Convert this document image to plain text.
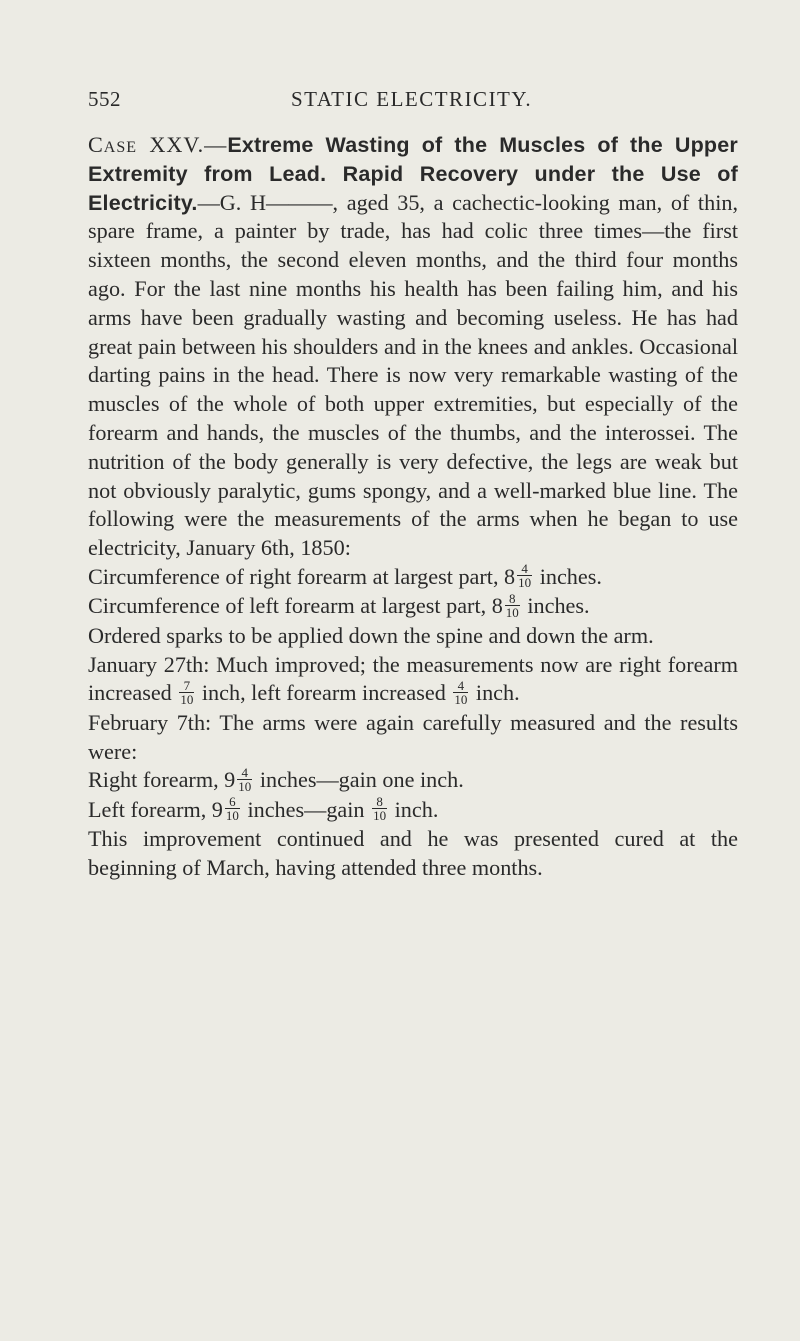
552	STATIC ELECTRICITY.

Case XXV.—Extreme Wasting of the Muscles of the Upper Extremity from Lead. Rapid Recovery under the Use of Electricity.—G. H———, aged 35, a cachectic-looking man, of thin, spare frame, a painter by trade, has had colic three times—the first sixteen months, the second eleven months, and the third four months ago. For the last nine months his health has been failing him, and his arms have been gradually wasting and becoming useless. He has had great pain between his shoulders and in the knees and ankles. Occasional darting pains in the head. There is now very remarkable wasting of the muscles of the whole of both upper extremities, but especially of the forearm and hands, the muscles of the thumbs, and the interossei. The nutrition of the body generally is very defective, the legs are weak but not obviously paralytic, gums spongy, and a well-marked blue line. The following were the measurements of the arms when he began to use electricity, January 6th, 1850:

Circumference of right forearm at largest part, $8 \frac{4}{10}$ inches.
Circumference of left forearm at largest part, $8 \frac{8}{10}$ inches.

Ordered sparks to be applied down the spine and down the arm.

January 27th: Much improved; the measurements now are right forearm increased $\frac{7}{10}$ inch, left forearm increased $\frac{4}{10}$ inch.

February 7th: The arms were again carefully measured and the results were:

Right forearm, $9 \frac{4}{10}$ inches—gain one inch.
Left forearm, $9 \frac{6}{10}$ inches—gain $\frac{8}{10}$ inch.

This improvement continued and he was presented cured at the beginning of March, having attended three months.
